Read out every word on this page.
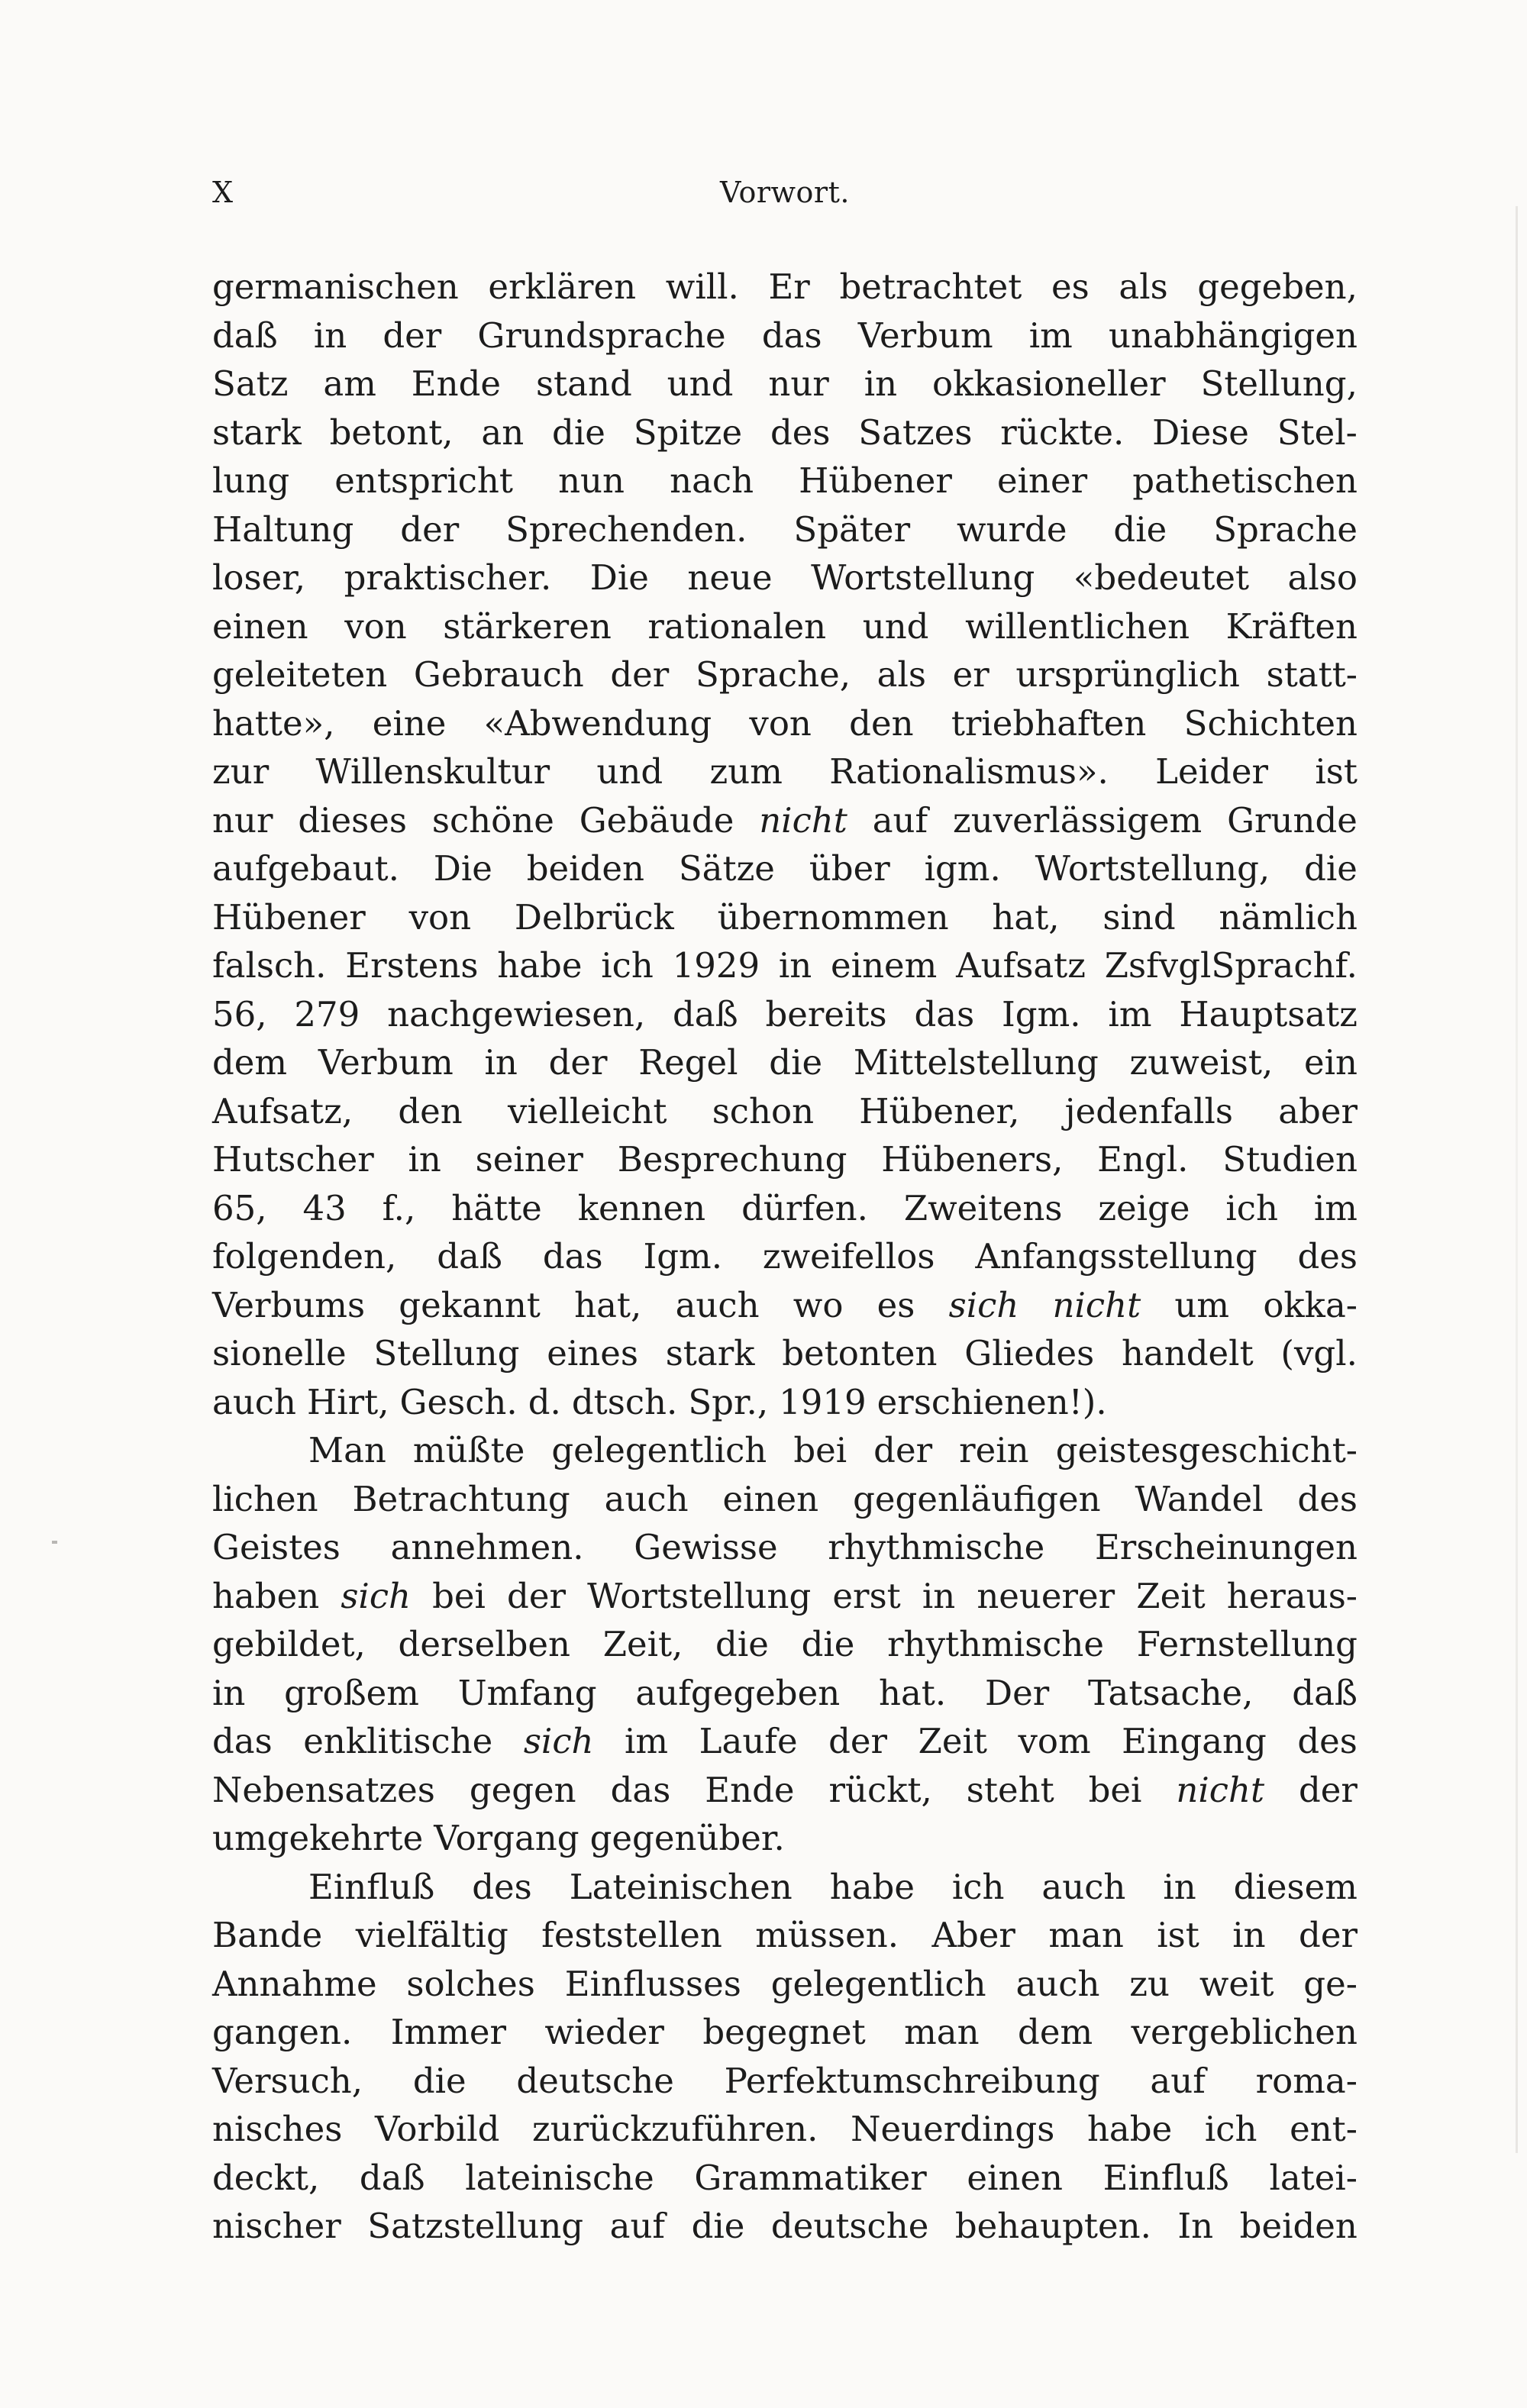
X	Vorwort.
germanischen erklären will. Er betrachtet es als gegeben,
daß in der Grundsprache das Verbum im unabhängigen
Satz am Ende stand und nur in okkasioneller Stellung,
stark betont, an die Spitze des Satzes rückte. Diese Stel-
lung entspricht nun nach Hübener einer pathetischen
Haltung der Sprechenden. Später wurde die Sprache
loser, praktischer. Die neue Wortstellung «bedeutet also
einen von stärkeren rationalen und willentlichen Kräften
geleiteten Gebrauch der Sprache, als er ursprünglich statt-
hatte», eine «Abwendung von den triebhaften Schichten
zur Willenskultur und zum Rationalismus». Leider ist
nur dieses schöne Gebäude nicht auf zuverlässigem Grunde
aufgebaut. Die beiden Sätze über igm. Wortstellung, die
Hübener von Delbrück übernommen hat, sind nämlich
falsch. Erstens habe ich 1929 in einem Aufsatz ZsfvglSprachf.
56, 279 nachgewiesen, daß bereits das Igm. im Hauptsatz
dem Verbum in der Regel die Mittelstellung zuweist, ein
Aufsatz, den vielleicht schon Hübener, jedenfalls aber
Hutscher in seiner Besprechung Hübeners, Engl. Studien
65, 43 f., hätte kennen dürfen. Zweitens zeige ich im
folgenden, daß das Igm. zweifellos Anfangsstellung des
Verbums gekannt hat, auch wo es sich nicht um okka-
sionelle Stellung eines stark betonten Gliedes handelt (vgl.
auch Hirt, Gesch. d. dtsch. Spr., 1919 erschienen!).
Man müßte gelegentlich bei der rein geistesgeschicht-
lichen Betrachtung auch einen gegenläufigen Wandel des
Geistes annehmen. Gewisse rhythmische Erscheinungen
haben sich bei der Wortstellung erst in neuerer Zeit heraus-
gebildet, derselben Zeit, die die rhythmische Fernstellung
in großem Umfang aufgegeben hat. Der Tatsache, daß
das enklitische sich im Laufe der Zeit vom Eingang des
Nebensatzes gegen das Ende rückt, steht bei nicht der
umgekehrte Vorgang gegenüber.
Einfluß des Lateinischen habe ich auch in diesem
Bande vielfältig feststellen müssen. Aber man ist in der
Annahme solches Einflusses gelegentlich auch zu weit ge-
gangen. Immer wieder begegnet man dem vergeblichen
Versuch, die deutsche Perfektumschreibung auf roma-
nisches Vorbild zurückzuführen. Neuerdings habe ich ent-
deckt, daß lateinische Grammatiker einen Einfluß latei-
nischer Satzstellung auf die deutsche behaupten. In beiden
